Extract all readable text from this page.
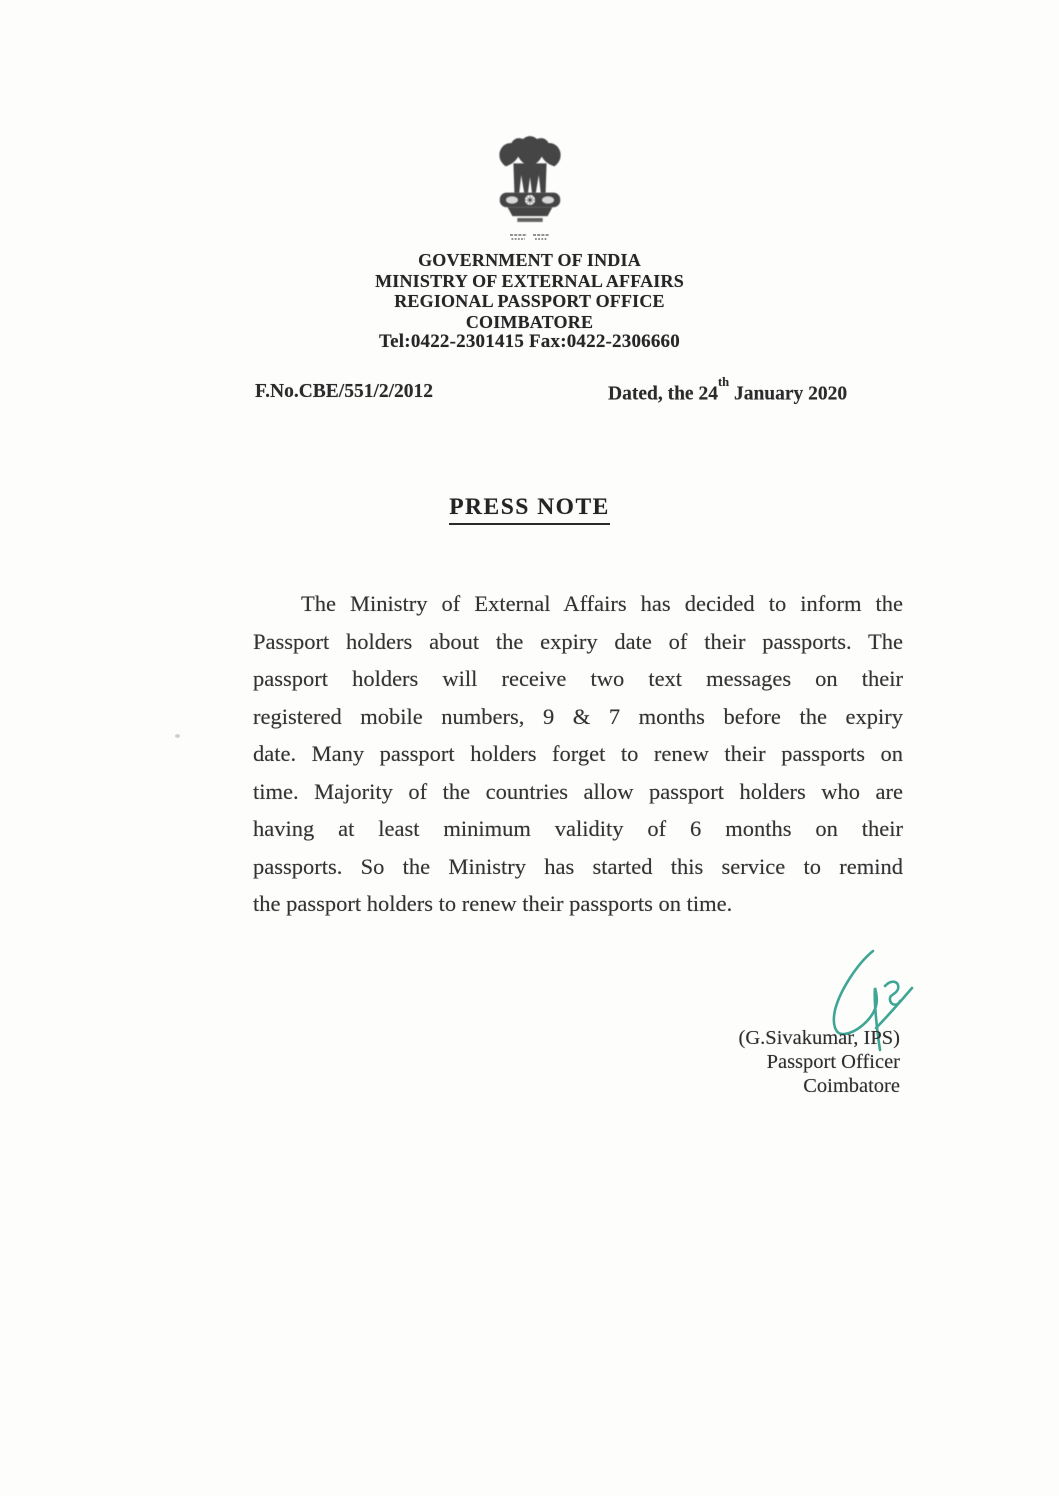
GOVERNMENT OF INDIA
MINISTRY OF EXTERNAL AFFAIRS
REGIONAL PASSPORT OFFICE
COIMBATORE
Tel:0422-2301415 Fax:0422-2306660
F.No.CBE/551/2/2012	Dated, the 24th January 2020
PRESS NOTE
The Ministry of External Affairs has decided to inform the
Passport holders about the expiry date of their passports. The
passport holders will receive two text messages on their
registered mobile numbers, 9 & 7 months before the expiry
date. Many passport holders forget to renew their passports on
time. Majority of the countries allow passport holders who are
having at least minimum validity of 6 months on their
passports. So the Ministry has started this service to remind
the passport holders to renew their passports on time.
(G.Sivakumar, IPS)
Passport Officer
Coimbatore
